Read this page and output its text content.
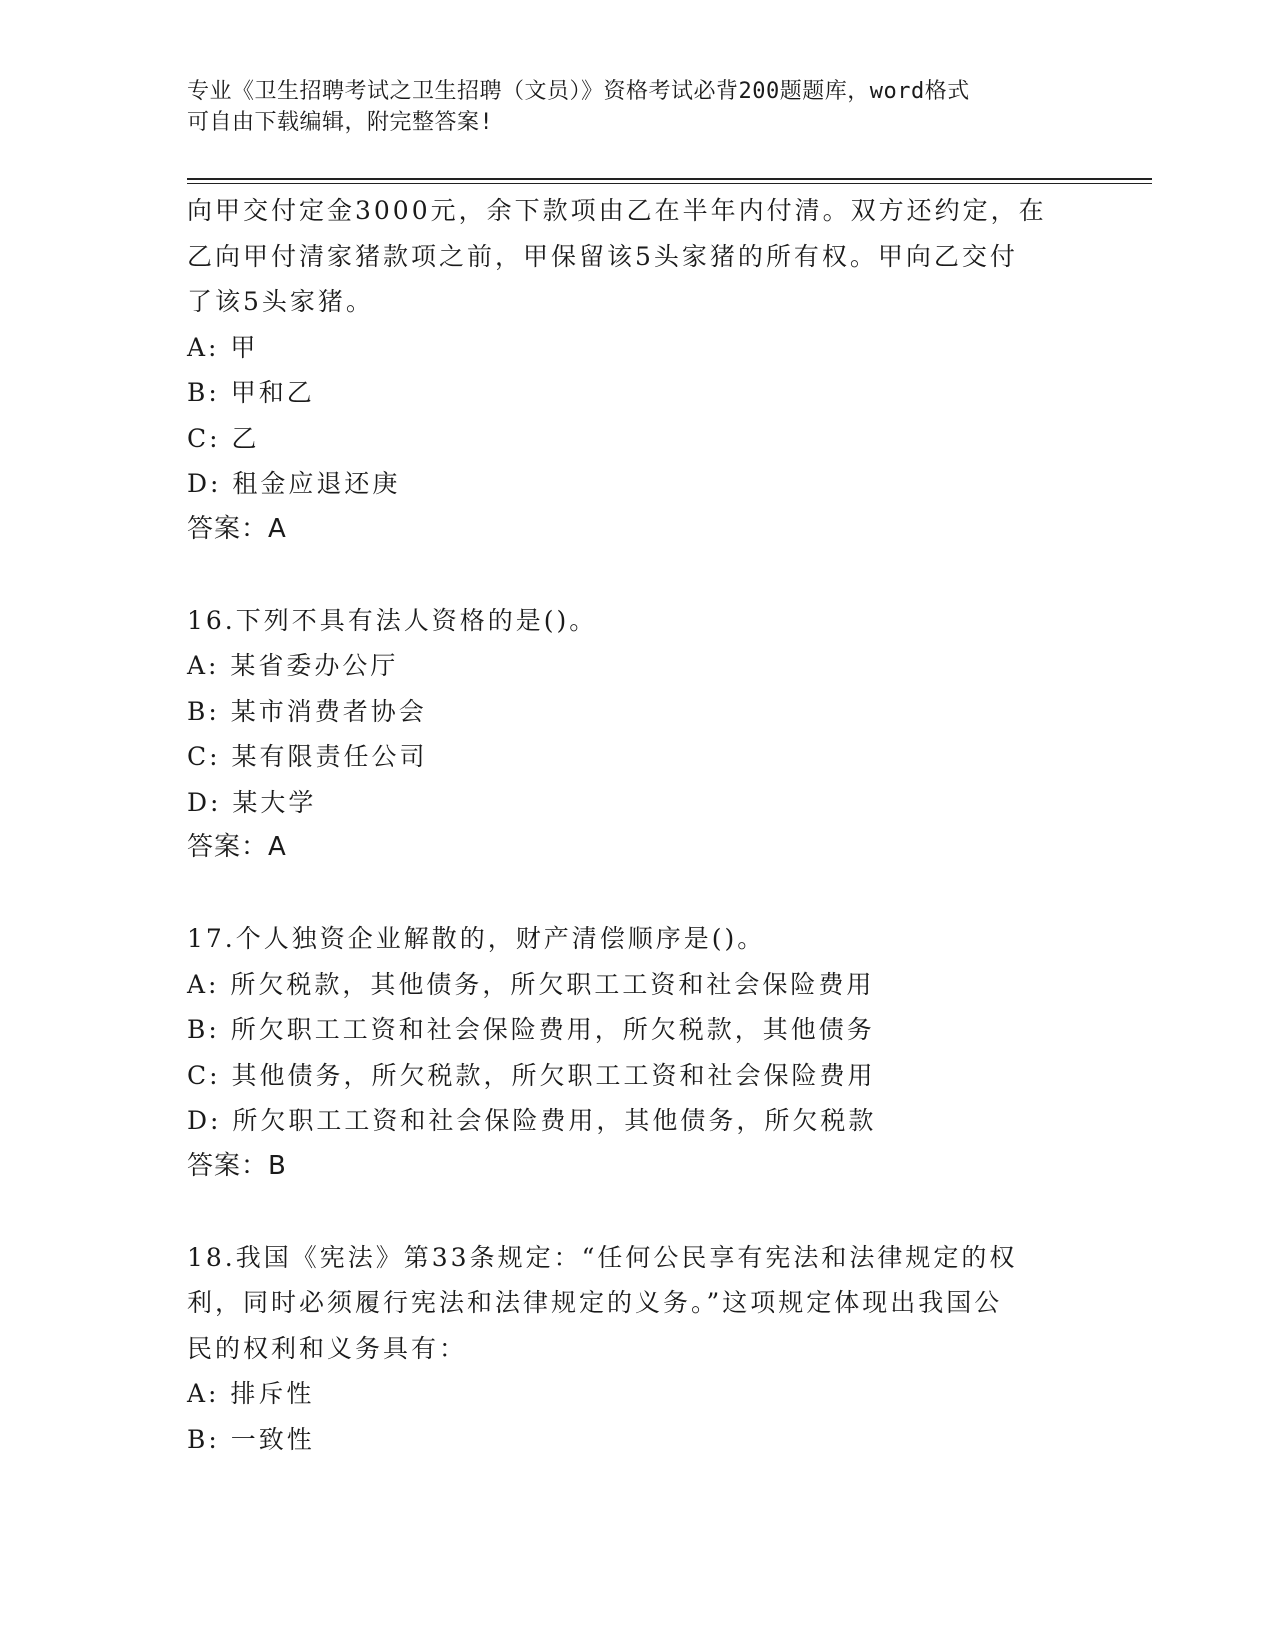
专业《卫生招聘考试之卫生招聘（文员）》资格考试必背200题题库，word格式
可自由下载编辑，附完整答案!
向甲交付定金3000元，余下款项由乙在半年内付清。双方还约定，在
乙向甲付清家猪款项之前，甲保留该5头家猪的所有权。甲向乙交付
了该5头家猪。
A: 甲
B: 甲和乙
C: 乙
D: 租金应退还庚
答案：A
16.下列不具有法人资格的是()。
A: 某省委办公厅
B: 某市消费者协会
C: 某有限责任公司
D: 某大学
答案：A
17.个人独资企业解散的，财产清偿顺序是()。
A: 所欠税款，其他债务，所欠职工工资和社会保险费用
B: 所欠职工工资和社会保险费用，所欠税款，其他债务
C: 其他债务，所欠税款，所欠职工工资和社会保险费用
D: 所欠职工工资和社会保险费用，其他债务，所欠税款
答案：B
18.我国《宪法》第33条规定：“任何公民享有宪法和法律规定的权
利，同时必须履行宪法和法律规定的义务。”这项规定体现出我国公
民的权利和义务具有：
A: 排斥性
B: 一致性
